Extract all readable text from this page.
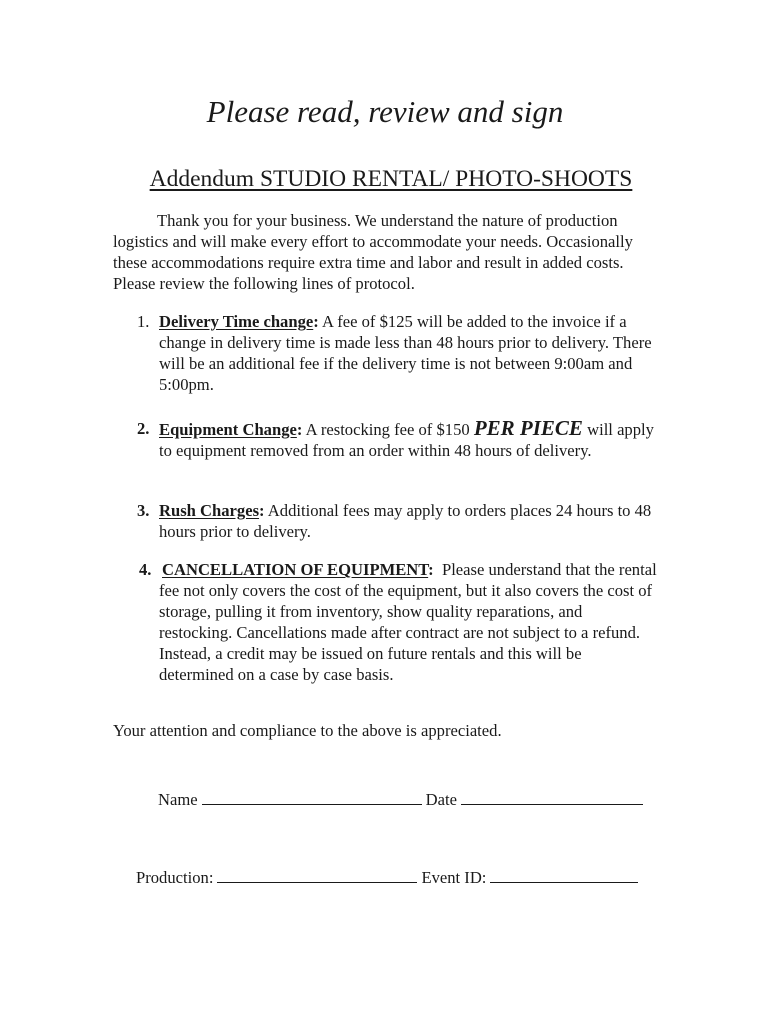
Please read, review and sign
Addendum STUDIO RENTAL/ PHOTO-SHOOTS

Thank you for your business. We understand the nature of production logistics and will make every effort to accommodate your needs. Occasionally these accommodations require extra time and labor and result in added costs. Please review the following lines of protocol.

1. Delivery Time change: A fee of $125 will be added to the invoice if a change in delivery time is made less than 48 hours prior to delivery. There will be an additional fee if the delivery time is not between 9:00am and 5:00pm.

2. Equipment Change: A restocking fee of $150 PER PIECE will apply to equipment removed from an order within 48 hours of delivery.

3. Rush Charges: Additional fees may apply to orders places 24 hours to 48 hours prior to delivery.

4. CANCELLATION OF EQUIPMENT:  Please understand that the rental fee not only covers the cost of the equipment, but it also covers the cost of storage, pulling it from inventory, show quality reparations, and restocking. Cancellations made after contract are not subject to a refund. Instead, a credit may be issued on future rentals and this will be determined on a case by case basis.

Your attention and compliance to the above is appreciated.
Name	Date
Production:	Event ID:
